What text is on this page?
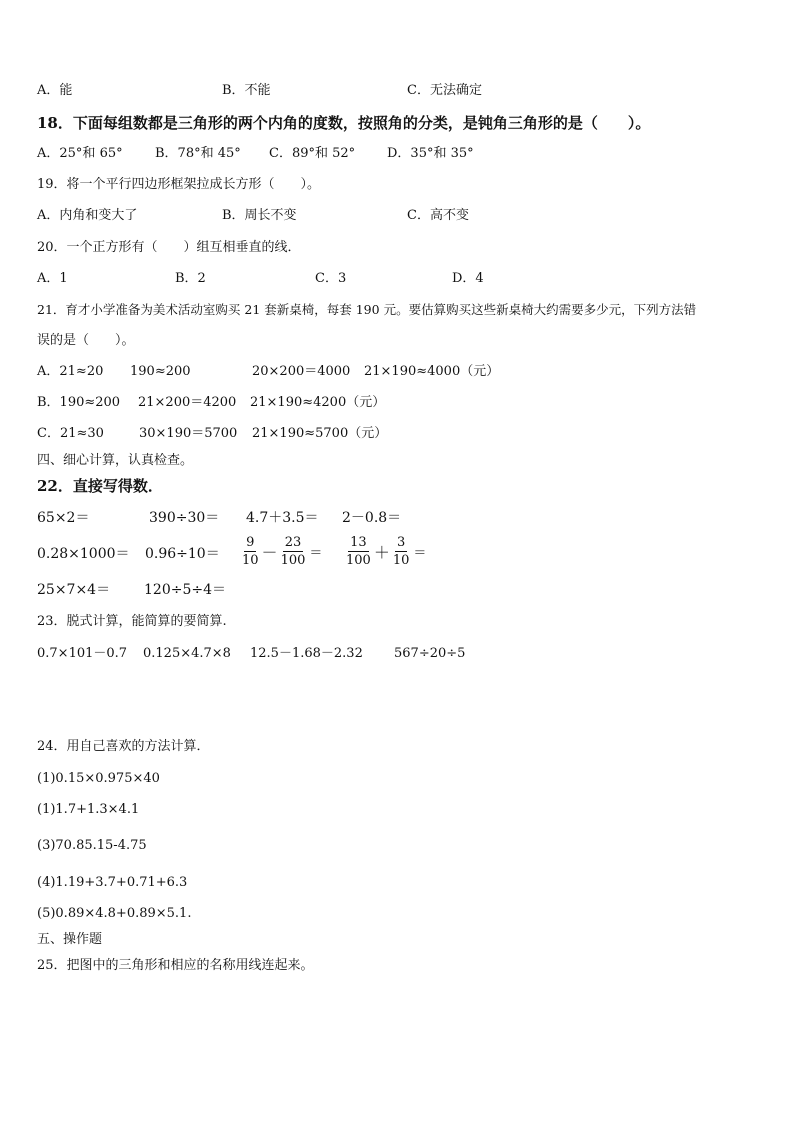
A．能	B．不能	C．无法确定
18．下面每组数都是三角形的两个内角的度数，按照角的分类，是钝角三角形的是（　　）。
A．25°和 65° B．78°和 45° C．89°和 52° D．35°和 35°
19．将一个平行四边形框架拉成长方形（　　）。
A．内角和变大了	B．周长不变	C．高不变
20．一个正方形有（　　）组互相垂直的线．
A．1	B．2	C．3	D．4
21．育才小学准备为美术活动室购买 21 套新桌椅，每套 190 元。要估算购买这些新桌椅大约需要多少元，下列方法错
误的是（　　）。
A．21≈20 190≈200	20×200＝4000 21×190≈4000（元）
B．190≈200 21×200＝4200 21×190≈4200（元）
C．21≈30	30×190＝5700 21×190≈5700（元）
四、细心计算，认真检查。
22．直接写得数．
65×2＝	390÷30＝ 4.7＋3.5＝ 2－0.8＝
$0.28\times 1000= 0.96\div 10= \frac{9}{10} - \frac{23}{100} = \frac{13}{100} + \frac{3}{10}$ ＝
25×7×4＝ 120÷5÷4＝
23．脱式计算，能简算的要简算.
0.7×101－0.7 0.125×4.7×8 12.5－1.68－2.32 567÷20÷5
24．用自己喜欢的方法计算．
(1)0.15×0.975×40
(1)1.7+1.3×4.1
(3)70.85.15-4.75
(4)1.19+3.7+0.71+6.3
(5)0.89×4.8+0.89×5.1.
五、操作题
25．把图中的三角形和相应的名称用线连起来。
